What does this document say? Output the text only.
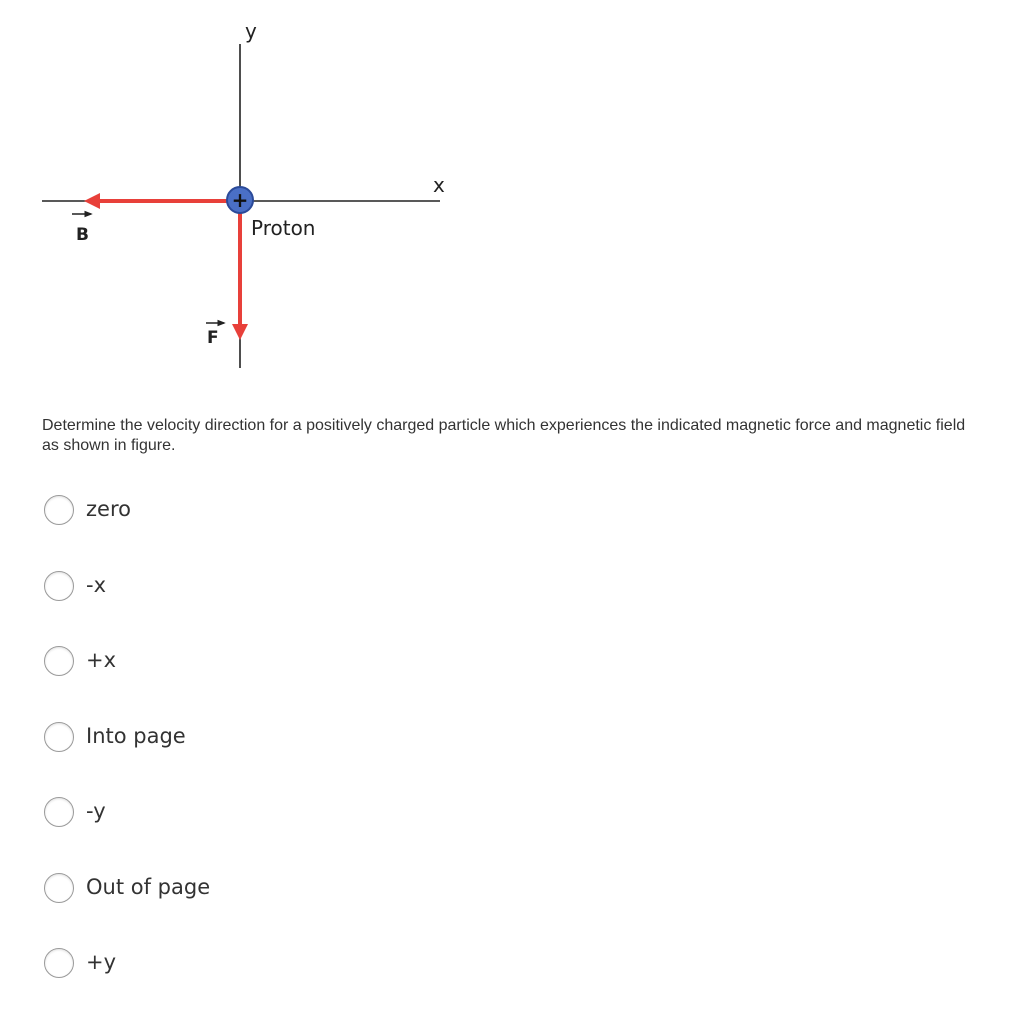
y
x
+
Proton
B
F

Determine the velocity direction for a positively charged particle which experiences the indicated magnetic force and magnetic field as shown in figure.

zero
-x
+x
Into page
-y
Out of page
+y
